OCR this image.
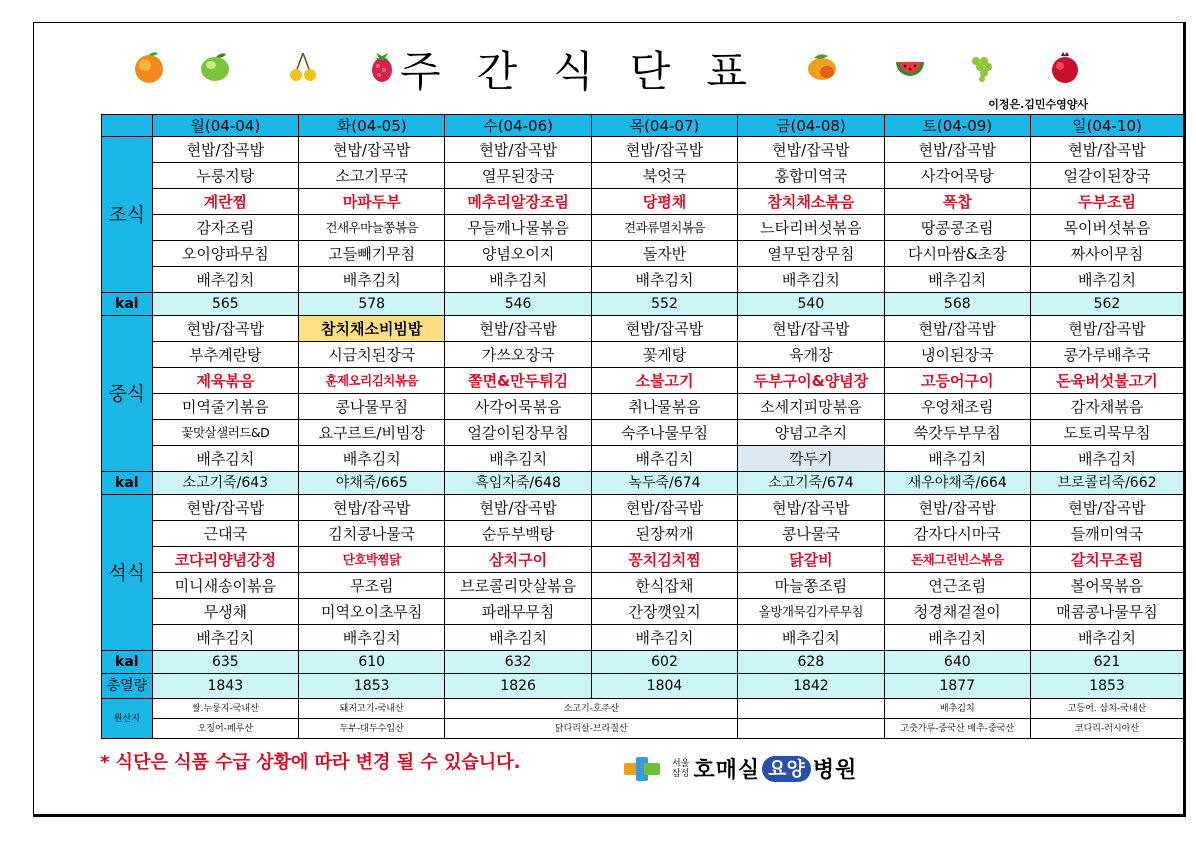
주 간 식 단 표
이정은.김민수영양사
	월(04-04)	화(04-05)	수(04-06)	목(04-07)	금(04-08)	토(04-09)	일(04-10)
조식	현밥/잡곡밥	현밥/잡곡밥	현밥/잡곡밥	현밥/잡곡밥	현밥/잡곡밥	현밥/잡곡밥	현밥/잡곡밥
	누룽지탕	소고기무국	열무된장국	북엇국	홍합미역국	사각어묵탕	얼갈이된장국
	계란찜	마파두부	메추리알장조림	당평채	참치채소볶음	폭찹	두부조림
	감자조림	건새우마늘쫑볶음	무들깨나물볶음	견과류멸치볶음	느타리버섯볶음	땅콩콩조림	목이버섯볶음
	오이양파무침	고들빼기무침	양념오이지	돌자반	열무된장무침	다시마쌈&초장	짜사이무침
	배추김치	배추김치	배추김치	배추김치	배추김치	배추김치	배추김치
kal	565	578	546	552	540	568	562
중식	현밥/잡곡밥	참치채소비빔밥	현밥/잡곡밥	현밥/잡곡밥	현밥/잡곡밥	현밥/잡곡밥	현밥/잡곡밥
	부추계란탕	시금치된장국	가쓰오장국	꽃게탕	육개장	냉이된장국	콩가루배추국
	제육볶음	훈제오리김치볶음	쫄면&만두튀김	소불고기	두부구이&양념장	고등어구이	돈육버섯불고기
	미역줄기볶음	콩나물무침	사각어묵볶음	취나물볶음	소세지피망볶음	우엉채조림	감자채볶음
	꽃맛살샐러드&D	요구르트/비빔장	얼갈이된장무침	숙주나물무침	양념고추지	쑥갓두부무침	도토리묵무침
	배추김치	배추김치	배추김치	배추김치	깍두기	배추김치	배추김치
kal	소고기죽/643	야채죽/665	흑임자죽/648	녹두죽/674	소고기죽/674	새우야채죽/664	브로콜리죽/662
석식	현밥/잡곡밥	현밥/잡곡밥	현밥/잡곡밥	현밥/잡곡밥	현밥/잡곡밥	현밥/잡곡밥	현밥/잡곡밥
	근대국	김치콩나물국	순두부백탕	된장찌개	콩나물국	감자다시마국	들깨미역국
	코다리양념강정	단호박찜닭	삼치구이	꽁치김치찜	닭갈비	돈채그린빈스볶음	갈치무조림
	미니새송이볶음	무조림	브로콜리맛살볶음	한식잡채	마늘쫑조림	연근조림	볼어묵볶음
	무생채	미역오이초무침	파래무무침	간장깻잎지	올방개묵김가루무침	청경채겉절이	매콤콩나물무침
	배추김치	배추김치	배추김치	배추김치	배추김치	배추김치	배추김치
kal	635	610	632	602	628	640	621
총열량	1843	1853	1826	1804	1842	1877	1853
원산지	쌀.누룽지-국내산	돼지고기-국내산	소고기-호주산			배추김치	고등어. 삼치-국내산
	오징어-페루산	두부-대두수입산	닭다리살-브라질산			고춧가루-중국산 배추-중국산	코다리-러시아산
* 식단은 식품 수급 상황에 따라 변경 될 수 있습니다.	서울
삼성 호매실 요양 병원
